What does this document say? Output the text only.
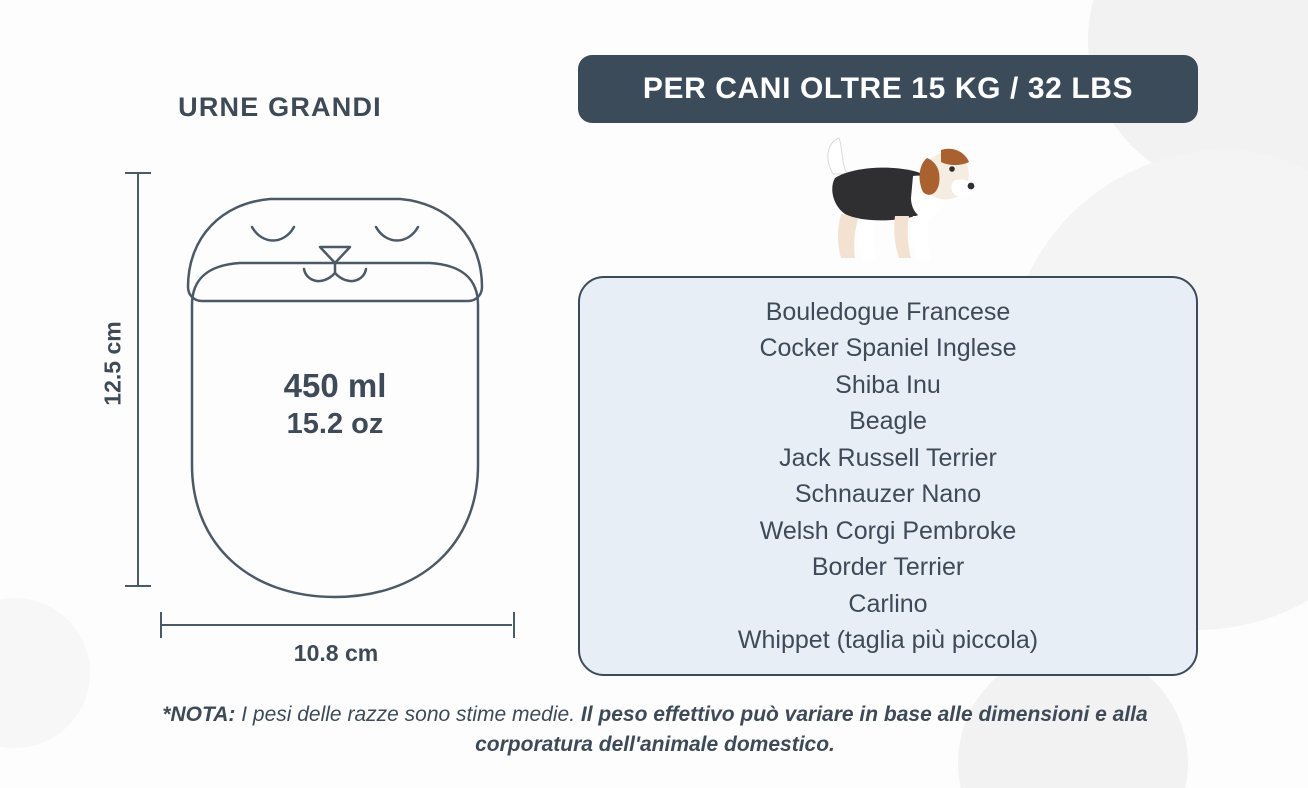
URNE GRANDI
450 ml
15.2 oz
12.5 cm
10.8 cm
PER CANI OLTRE 15 KG / 32 LBS
Bouledogue Francese
Cocker Spaniel Inglese
Shiba Inu
Beagle
Jack Russell Terrier
Schnauzer Nano
Welsh Corgi Pembroke
Border Terrier
Carlino
Whippet (taglia più piccola)
*NOTA: I pesi delle razze sono stime medie. Il peso effettivo può variare in base alle dimensioni e alla corporatura dell'animale domestico.
